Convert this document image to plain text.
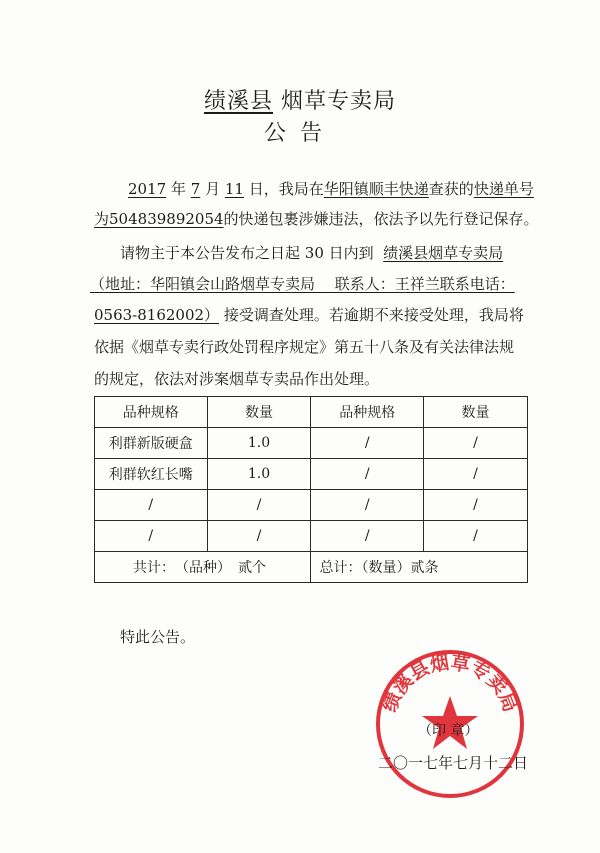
绩溪县 烟草专卖局
公告
2017 年 7 月 11 日，我局在华阳镇顺丰快递查获的快递单号
为504839892054的快递包裹涉嫌违法，依法予以先行登记保存。
请物主于本公告发布之日起 30 日内到 绩溪县烟草专卖局
（地址：华阳镇会山路烟草专卖局　 联系人：王祥兰联系电话：
0563-8162002） 接受调查处理。若逾期不来接受处理，我局将
依据《烟草专卖行政处罚程序规定》第五十八条及有关法律法规
的规定，依法对涉案烟草专卖品作出处理。
品种规格	数量	品种规格	数量
利群新版硬盒	1.0	/	/
利群软红长嘴	1.0	/	/
/	/	/	/
/	/	/	/
共计：　（品种）　贰个		总计：（数量）贰条	
特此公告。
绩溪县烟草专卖局
（印 章）
二〇一七年七月十二日
